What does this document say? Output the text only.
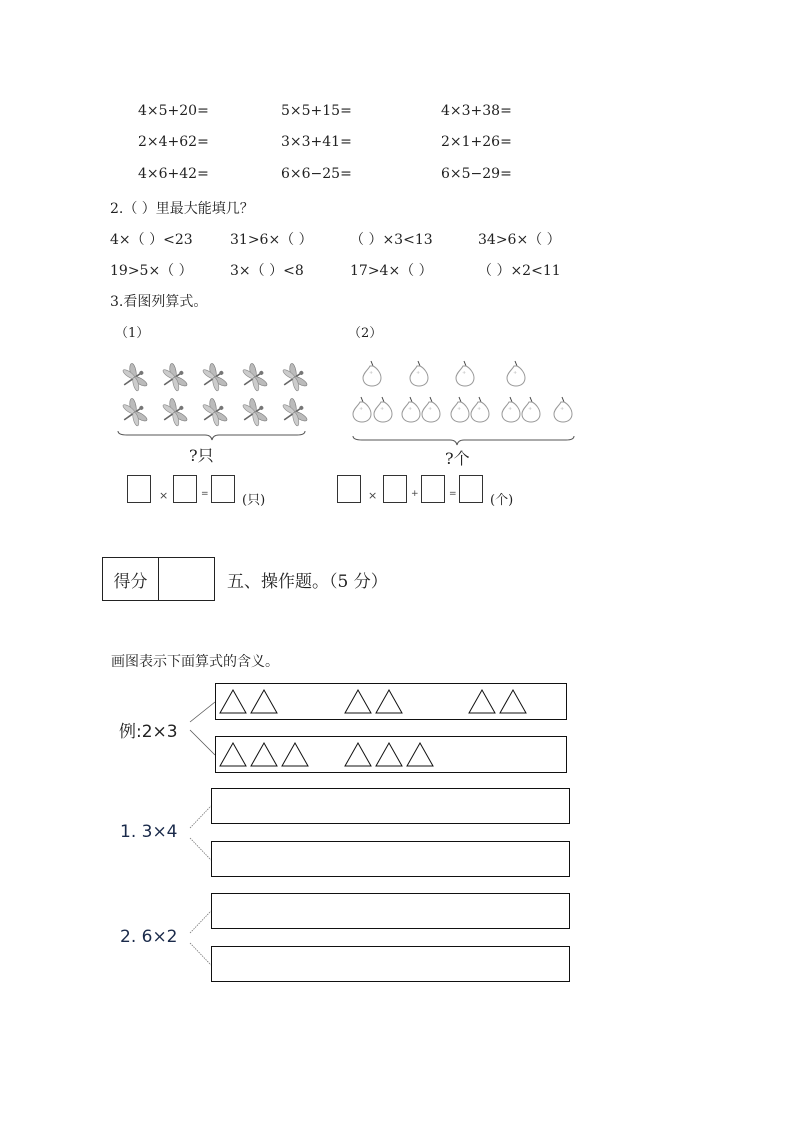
4×5+20=	5×5+15=	4×3+38=
2×4+62=	3×3+41=	2×1+26=
4×6+42=	6×6−25=	6×5−29=
2.（ ）里最大能填几？
4×（ ）<23	31>6×（ ）	（ ）×3<13	34>6×（ ）
19>5×（ ）	3×（ ）<8	17>4×（ ）	（ ）×2<11
3.看图列算式。
（1）
?只
×	=	(只)
（2）
+	+	+	+
+	+	+	+	+	+	+	+	+
?个
×	+	=	(个)
得分	五、操作题。（5 分）
画图表示下面算式的含义。
例:2×3
1. 3×4
2. 6×2
